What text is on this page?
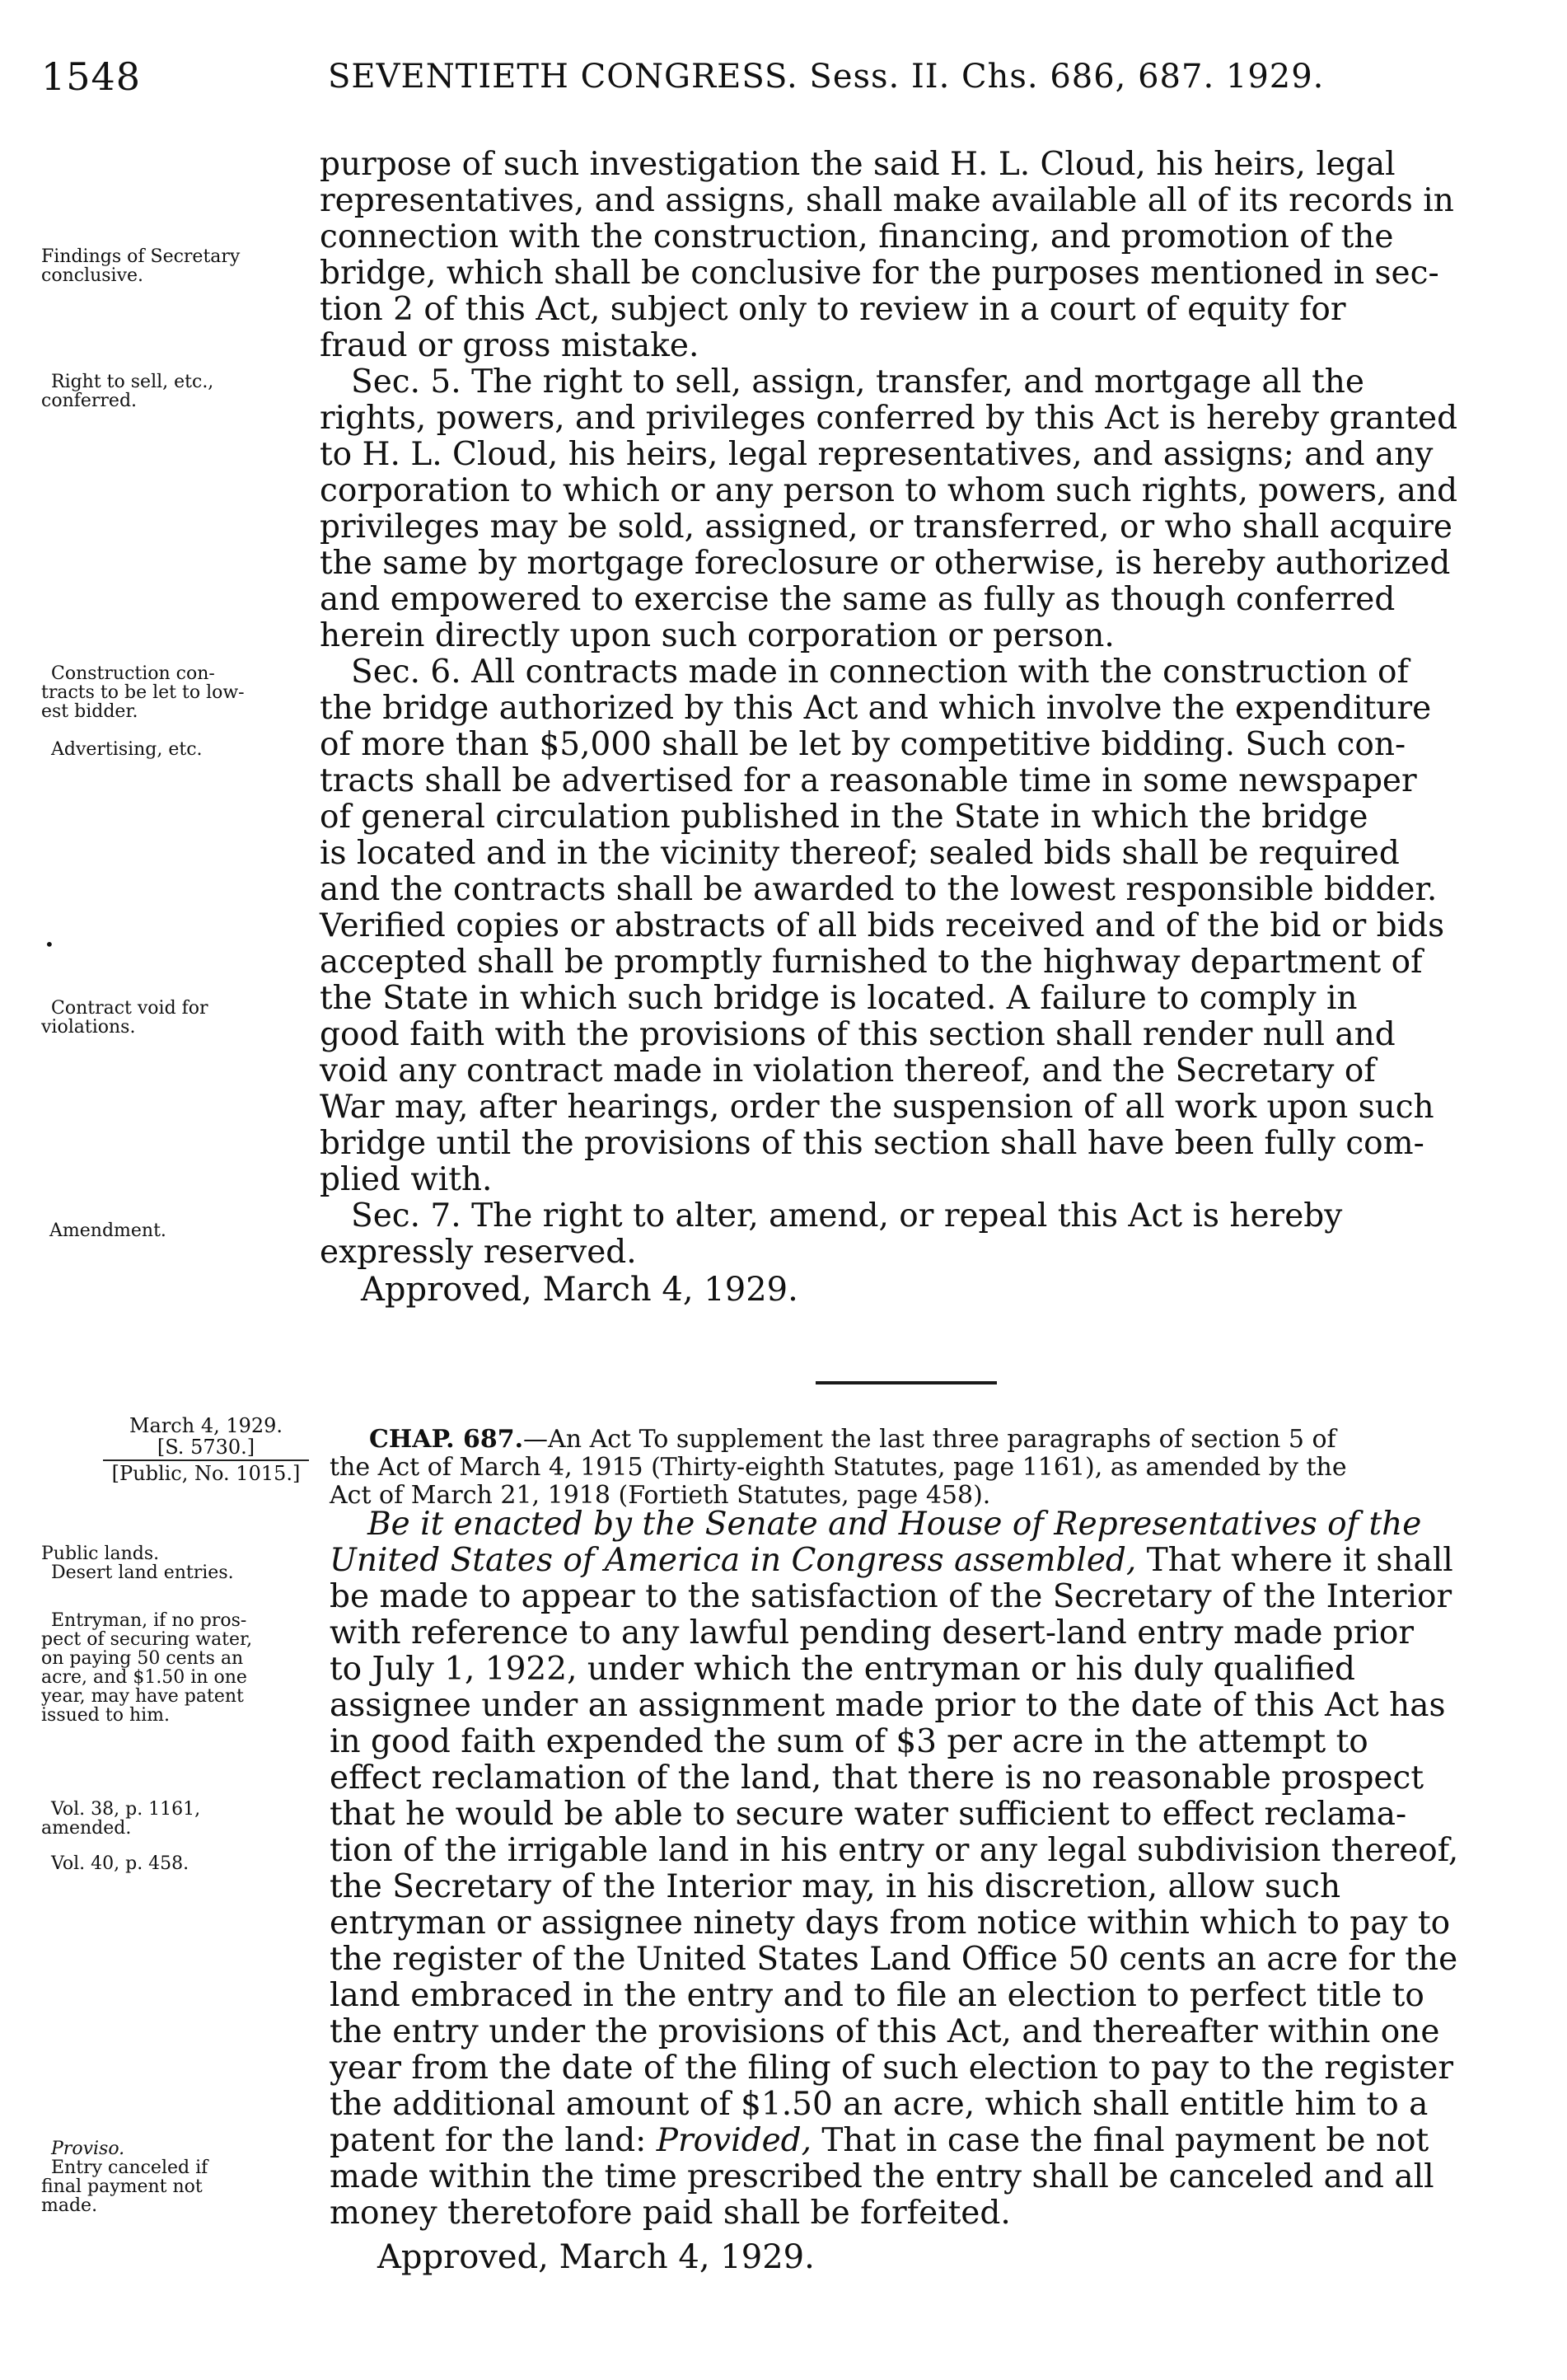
1548	SEVENTIETH CONGRESS. Sess. II. Chs. 686, 687. 1929.
purpose of such investigation the said H. L. Cloud, his heirs, legal
representatives, and assigns, shall make available all of its records in
connection with the construction, financing, and promotion of the
bridge, which shall be conclusive for the purposes mentioned in sec-
tion 2 of this Act, subject only to review in a court of equity for
fraud or gross mistake.
Sec. 5. The right to sell, assign, transfer, and mortgage all the
rights, powers, and privileges conferred by this Act is hereby granted
to H. L. Cloud, his heirs, legal representatives, and assigns; and any
corporation to which or any person to whom such rights, powers, and
privileges may be sold, assigned, or transferred, or who shall acquire
the same by mortgage foreclosure or otherwise, is hereby authorized
and empowered to exercise the same as fully as though conferred
herein directly upon such corporation or person.
Sec. 6. All contracts made in connection with the construction of
the bridge authorized by this Act and which involve the expenditure
of more than $5,000 shall be let by competitive bidding. Such con-
tracts shall be advertised for a reasonable time in some newspaper
of general circulation published in the State in which the bridge
is located and in the vicinity thereof; sealed bids shall be required
and the contracts shall be awarded to the lowest responsible bidder.
Verified copies or abstracts of all bids received and of the bid or bids
accepted shall be promptly furnished to the highway department of
the State in which such bridge is located. A failure to comply in
good faith with the provisions of this section shall render null and
void any contract made in violation thereof, and the Secretary of
War may, after hearings, order the suspension of all work upon such
bridge until the provisions of this section shall have been fully com-
plied with.
Sec. 7. The right to alter, amend, or repeal this Act is hereby
expressly reserved.
Approved, March 4, 1929.
March 4, 1929.
[S. 5730.]
[Public, No. 1015.]
CHAP. 687.—An Act To supplement the last three paragraphs of section 5 of
the Act of March 4, 1915 (Thirty-eighth Statutes, page 1161), as amended by the
Act of March 21, 1918 (Fortieth Statutes, page 458).
Be it enacted by the Senate and House of Representatives of the
United States of America in Congress assembled, That where it shall
be made to appear to the satisfaction of the Secretary of the Interior
with reference to any lawful pending desert-land entry made prior
to July 1, 1922, under which the entryman or his duly qualified
assignee under an assignment made prior to the date of this Act has
in good faith expended the sum of $3 per acre in the attempt to
effect reclamation of the land, that there is no reasonable prospect
that he would be able to secure water sufficient to effect reclama-
tion of the irrigable land in his entry or any legal subdivision thereof,
the Secretary of the Interior may, in his discretion, allow such
entryman or assignee ninety days from notice within which to pay to
the register of the United States Land Office 50 cents an acre for the
land embraced in the entry and to file an election to perfect title to
the entry under the provisions of this Act, and thereafter within one
year from the date of the filing of such election to pay to the register
the additional amount of $1.50 an acre, which shall entitle him to a
patent for the land: Provided, That in case the final payment be not
made within the time prescribed the entry shall be canceled and all
money theretofore paid shall be forfeited.
Approved, March 4, 1929.
Findings of Secretary
conclusive.
Right to sell, etc.,
conferred.
Construction con-
tracts to be let to low-
est bidder.
Advertising, etc.
•
Contract void for
violations.
Amendment.
Public lands.
Desert land entries.
Entryman, if no pros-
pect of securing water,
on paying 50 cents an
acre, and $1.50 in one
year, may have patent
issued to him.
Vol. 38, p. 1161,
amended.
Vol. 40, p. 458.
Proviso.
Entry canceled if
final payment not
made.
